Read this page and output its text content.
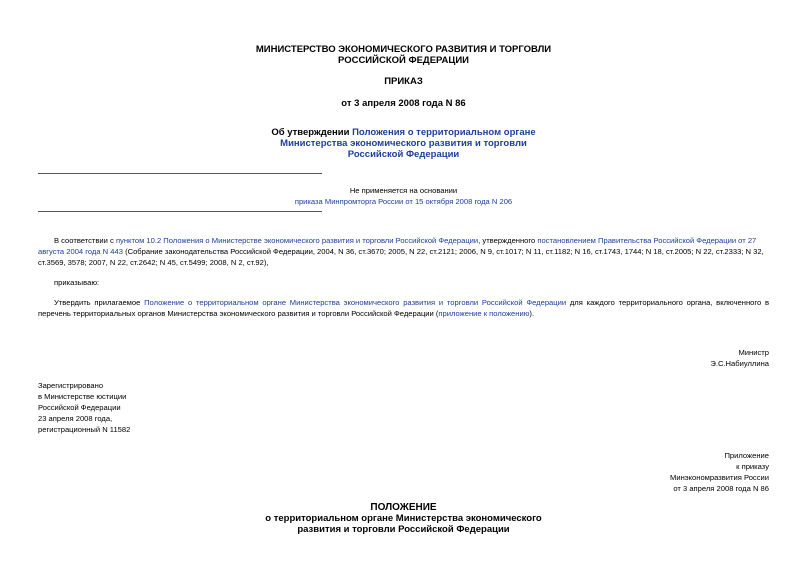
МИНИСТЕРСТВО ЭКОНОМИЧЕСКОГО РАЗВИТИЯ И ТОРГОВЛИ
РОССИЙСКОЙ ФЕДЕРАЦИИ
ПРИКАЗ
от 3 апреля 2008 года N 86
Об утверждении Положения о территориальном органе
Министерства экономического развития и торговли
Российской Федерации
Не применяется на основании
приказа Минпромторга России от 15 октября 2008 года N 206
В соответствии с пунктом 10.2 Положения о Министерстве экономического развития и торговли Российской Федерации, утвержденного постановлением Правительства Российской Федерации от 27 августа 2004 года N 443 (Собрание законодательства Российской Федерации, 2004, N 36, ст.3670; 2005, N 22, ст.2121; 2006, N 9, ст.1017; N 11, ст.1182; N 16, ст.1743, 1744; N 18, ст.2005; N 22, ст.2333; N 32, ст.3569, 3578; 2007, N 22, ст.2642; N 45, ст.5499; 2008, N 2, ст.92),
приказываю:
Утвердить прилагаемое Положение о территориальном органе Министерства экономического развития и торговли Российской Федерации для каждого территориального органа, включенного в перечень территориальных органов Министерства экономического развития и торговли Российской Федерации (приложение к положению).
Министр
Э.С.Набиуллина
Зарегистрировано
в Министерстве юстиции
Российской Федерации
23 апреля 2008 года,
регистрационный N 11582
Приложение
к приказу
Минэкономразвития России
от 3 апреля 2008 года N 86
ПОЛОЖЕНИЕ
о территориальном органе Министерства экономического
развития и торговли Российской Федерации
